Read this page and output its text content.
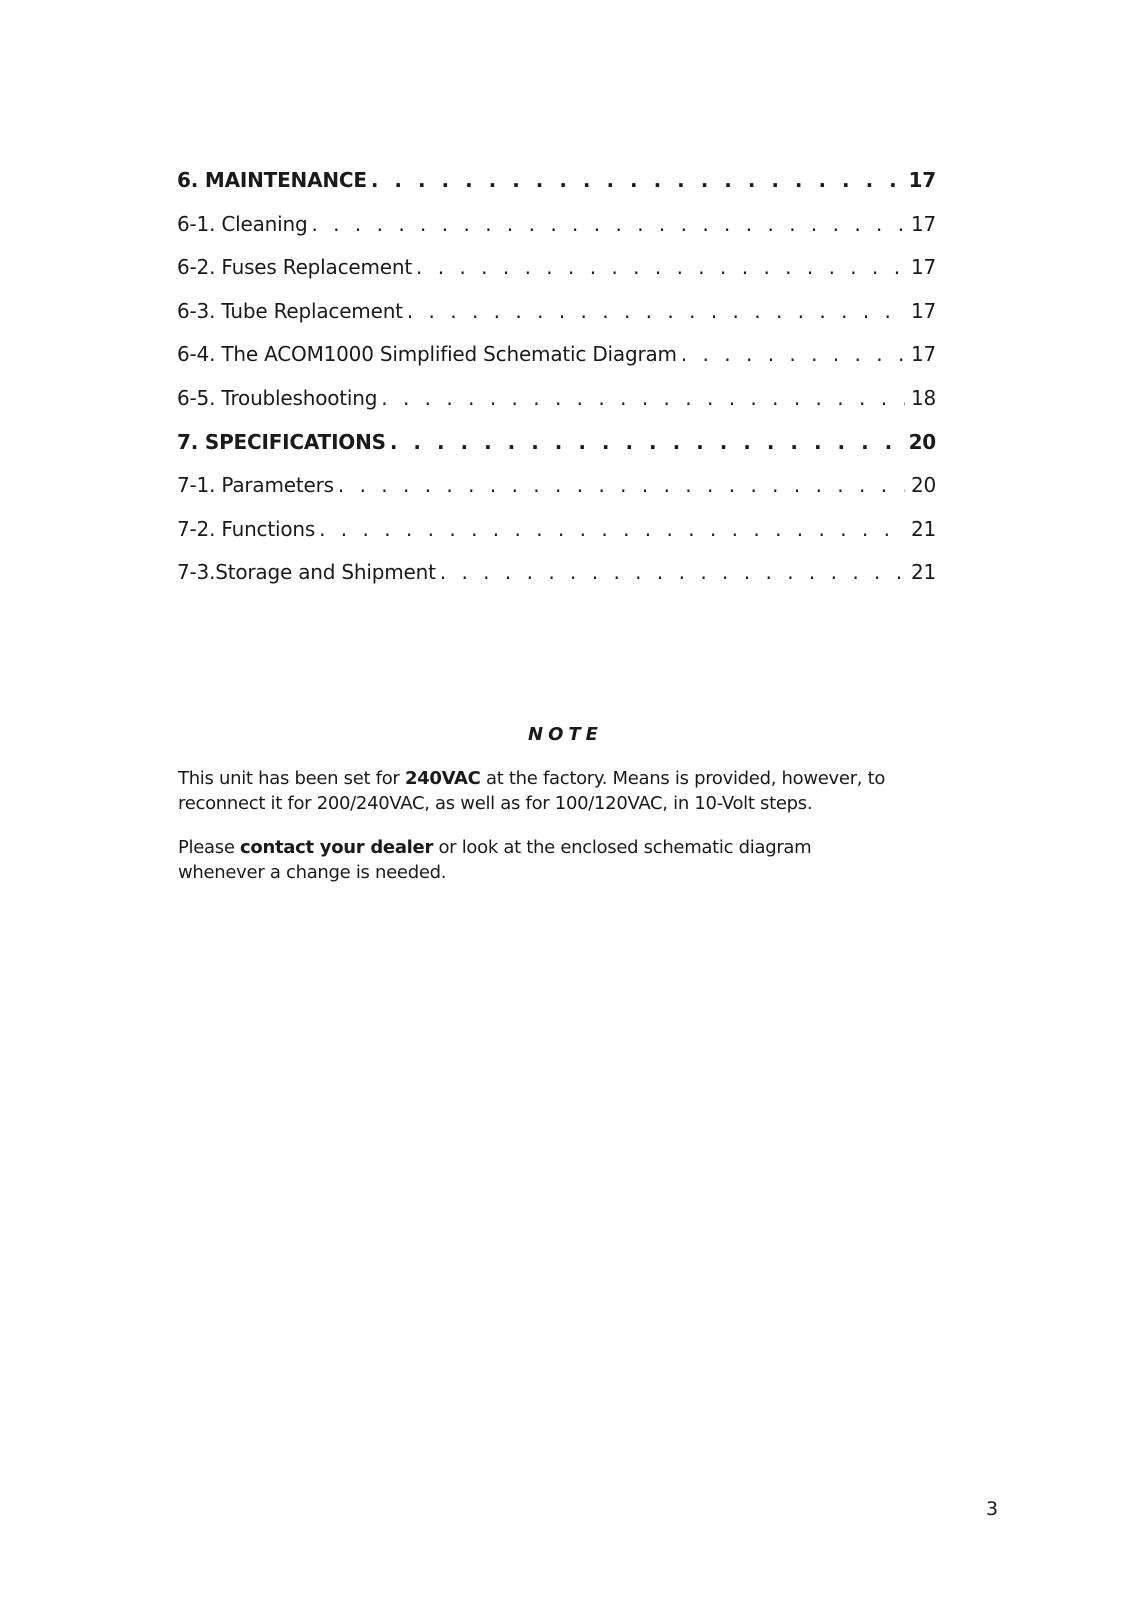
6. MAINTENANCE . . .	17
6-1. Cleaning . . .	17
6-2. Fuses Replacement . . .	17
6-3. Tube Replacement . . .	17
6-4. The ACOM1000 Simplified Schematic Diagram . . .	17
6-5. Troubleshooting . . .	18
7. SPECIFICATIONS . . .	20
7-1. Parameters . . .	20
7-2. Functions . . .	21
7-3.Storage and Shipment . . .	21
NOTE

This unit has been set for 240VAC at the factory. Means is provided, however, to reconnect it for 200/240VAC, as well as for 100/120VAC, in 10-Volt steps.

Please contact your dealer or look at the enclosed schematic diagram whenever a change is needed.

3
